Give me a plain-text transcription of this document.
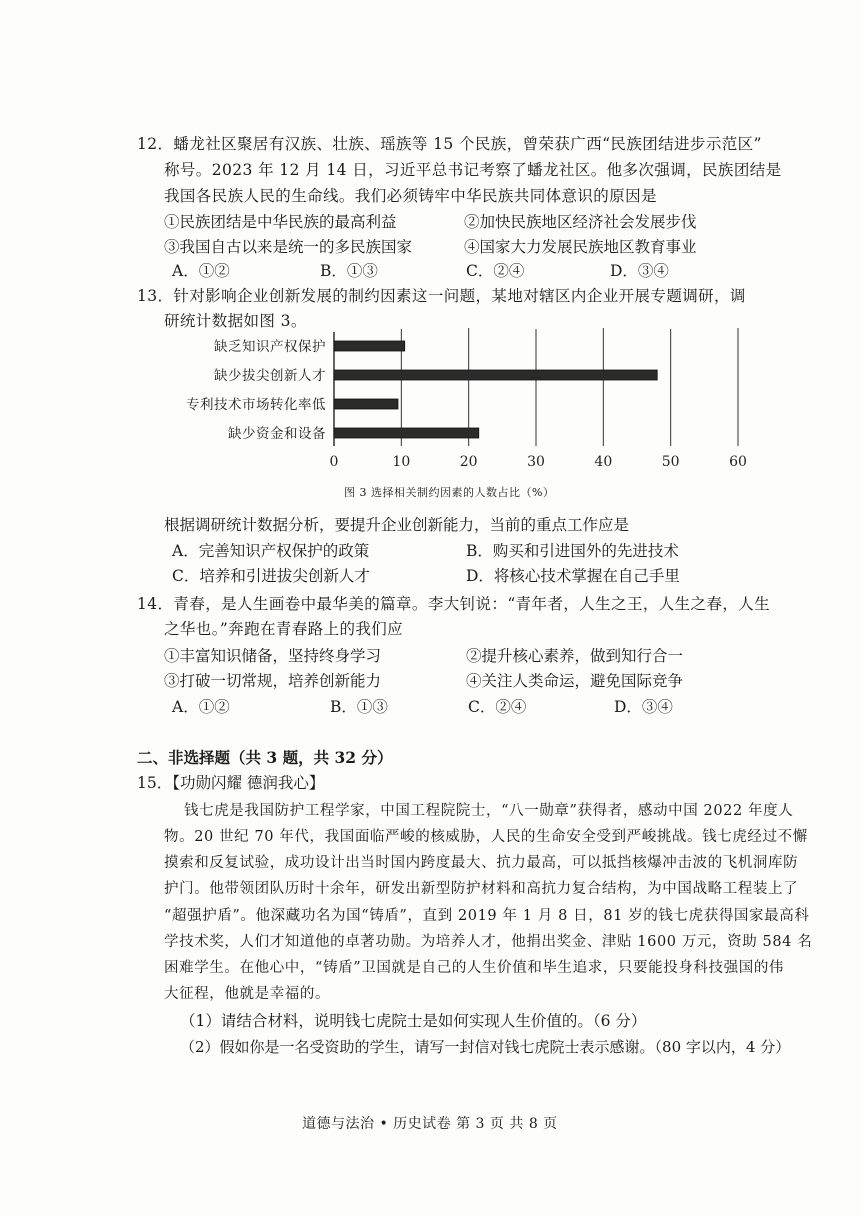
12．蟠龙社区聚居有汉族、壮族、瑶族等 15 个民族，曾荣获广西“民族团结进步示范区”
称号。2023 年 12 月 14 日，习近平总书记考察了蟠龙社区。他多次强调，民族团结是
我国各民族人民的生命线。我们必须铸牢中华民族共同体意识的原因是
①民族团结是中华民族的最高利益	②加快民族地区经济社会发展步伐
③我国自古以来是统一的多民族国家	④国家大力发展民族地区教育事业
A．①②	B．①③	C．②④	D．③④
13．针对影响企业创新发展的制约因素这一问题，某地对辖区内企业开展专题调研，调
研统计数据如图 3。
0	10	20	30	40	50	60
缺乏知识产权保护
缺少拔尖创新人才
专利技术市场转化率低
缺少资金和设备
图 3 选择相关制约因素的人数占比（%）
根据调研统计数据分析，要提升企业创新能力，当前的重点工作应是
A．完善知识产权保护的政策	B．购买和引进国外的先进技术
C．培养和引进拔尖创新人才	D．将核心技术掌握在自己手里
14．青春，是人生画卷中最华美的篇章。李大钊说：“青年者，人生之王，人生之春，人生
之华也。”奔跑在青春路上的我们应
①丰富知识储备，坚持终身学习	②提升核心素养，做到知行合一
③打破一切常规，培养创新能力	④关注人类命运，避免国际竞争
A．①②	B．①③	C．②④	D．③④
二、非选择题（共 3 题，共 32 分）
15．【功勋闪耀 德润我心】
钱七虎是我国防护工程学家，中国工程院院士，“八一勋章”获得者，感动中国 2022 年度人
物。20 世纪 70 年代，我国面临严峻的核威胁，人民的生命安全受到严峻挑战。钱七虎经过不懈
摸索和反复试验，成功设计出当时国内跨度最大、抗力最高，可以抵挡核爆冲击波的飞机洞库防
护门。他带领团队历时十余年，研发出新型防护材料和高抗力复合结构，为中国战略工程装上了
“超强护盾”。他深藏功名为国“铸盾”，直到 2019 年 1 月 8 日，81 岁的钱七虎获得国家最高科
学技术奖，人们才知道他的卓著功勋。为培养人才，他捐出奖金、津贴 1600 万元，资助 584 名
困难学生。在他心中，“铸盾”卫国就是自己的人生价值和毕生追求，只要能投身科技强国的伟
大征程，他就是幸福的。
（1）请结合材料，说明钱七虎院士是如何实现人生价值的。（6 分）
（2）假如你是一名受资助的学生，请写一封信对钱七虎院士表示感谢。（80 字以内，4 分）
道德与法治 • 历史试卷 第 3 页 共 8 页
